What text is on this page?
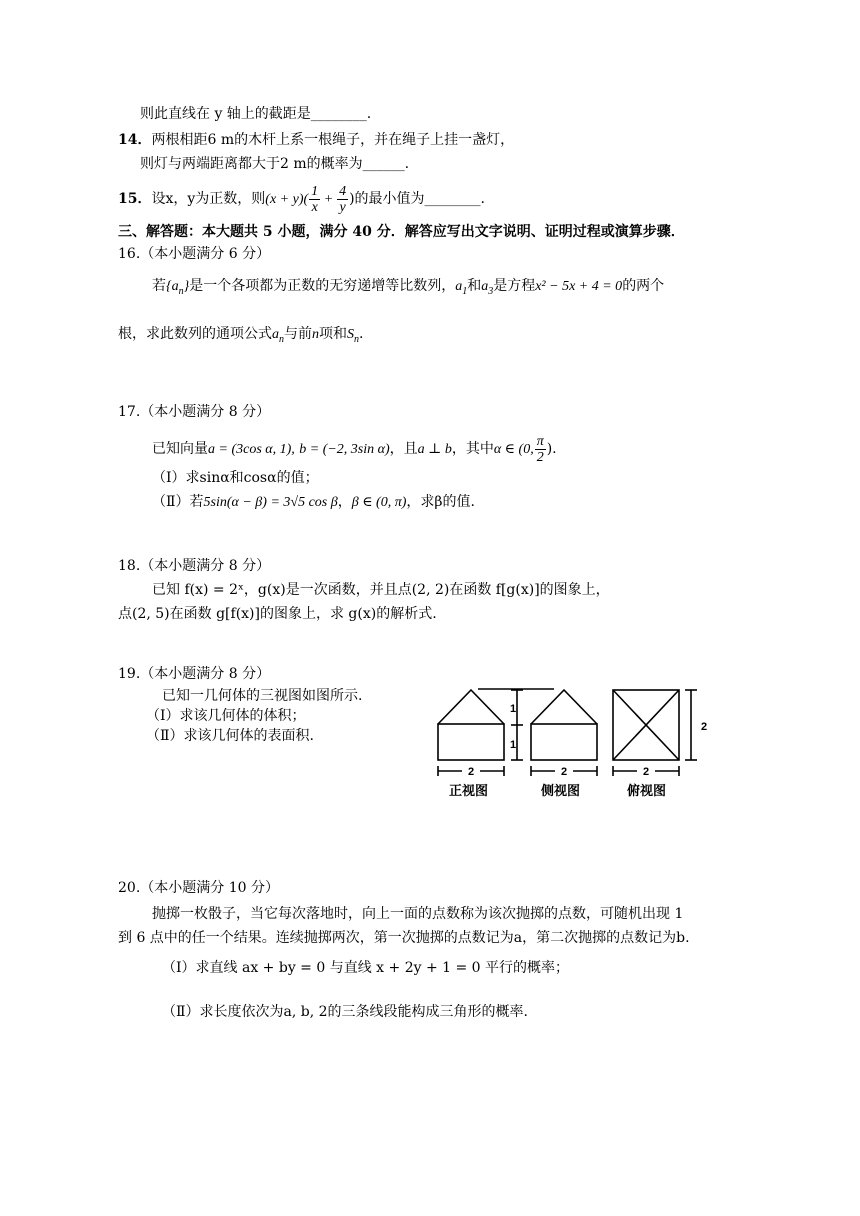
则此直线在 y 轴上的截距是________.
14．两根相距6 m的木杆上系一根绳子，并在绳子上挂一盏灯，
则灯与两端距离都大于2 m的概率为______.
15．设x，y为正数，则$(x + y)( \frac{1}{x} + \frac{4}{y}$ )的最小值为________.
三、解答题：本大题共 5 小题，满分 40 分．解答应写出文字说明、证明过程或演算步骤．
16.（本小题满分 6 分）
若$\{a_n\}$是一个各项都为正数的无穷递增等比数列，$a_1$和$a_3$是方程x² − 5x + 4 = 0的两个
根，求此数列的通项公式$a_n$与前n项和$S_n$.
17.（本小题满分 8 分）
已知向量a = (3cos α, 1), b = (−2, 3sin α)，且a ⊥ b，其中α ∈ (0, $\frac{\pi}{2}$ ).
（Ⅰ）求sinα和cosα的值；
（Ⅱ）若5sin(α − β) = 3√5 cos β，β ∈ (0, π)，求β的值.
18.（本小题满分 8 分）
已知 f(x) = 2ˣ，g(x)是一次函数，并且点(2, 2)在函数 f[g(x)]的图象上，
点(2, 5)在函数 g[f(x)]的图象上，求 g(x)的解析式.
19.（本小题满分 8 分）
已知一几何体的三视图如图所示.
（Ⅰ）求该几何体的体积；
（Ⅱ）求该几何体的表面积.
1
1
2
2	2	2
正视图	侧视图	俯视图
20.（本小题满分 10 分）
抛掷一枚骰子，当它每次落地时，向上一面的点数称为该次抛掷的点数，可随机出现 1
到 6 点中的任一个结果。连续抛掷两次，第一次抛掷的点数记为a，第二次抛掷的点数记为b.
（Ⅰ）求直线 ax + by = 0 与直线 x + 2y + 1 = 0 平行的概率；
（Ⅱ）求长度依次为a, b, 2的三条线段能构成三角形的概率.
